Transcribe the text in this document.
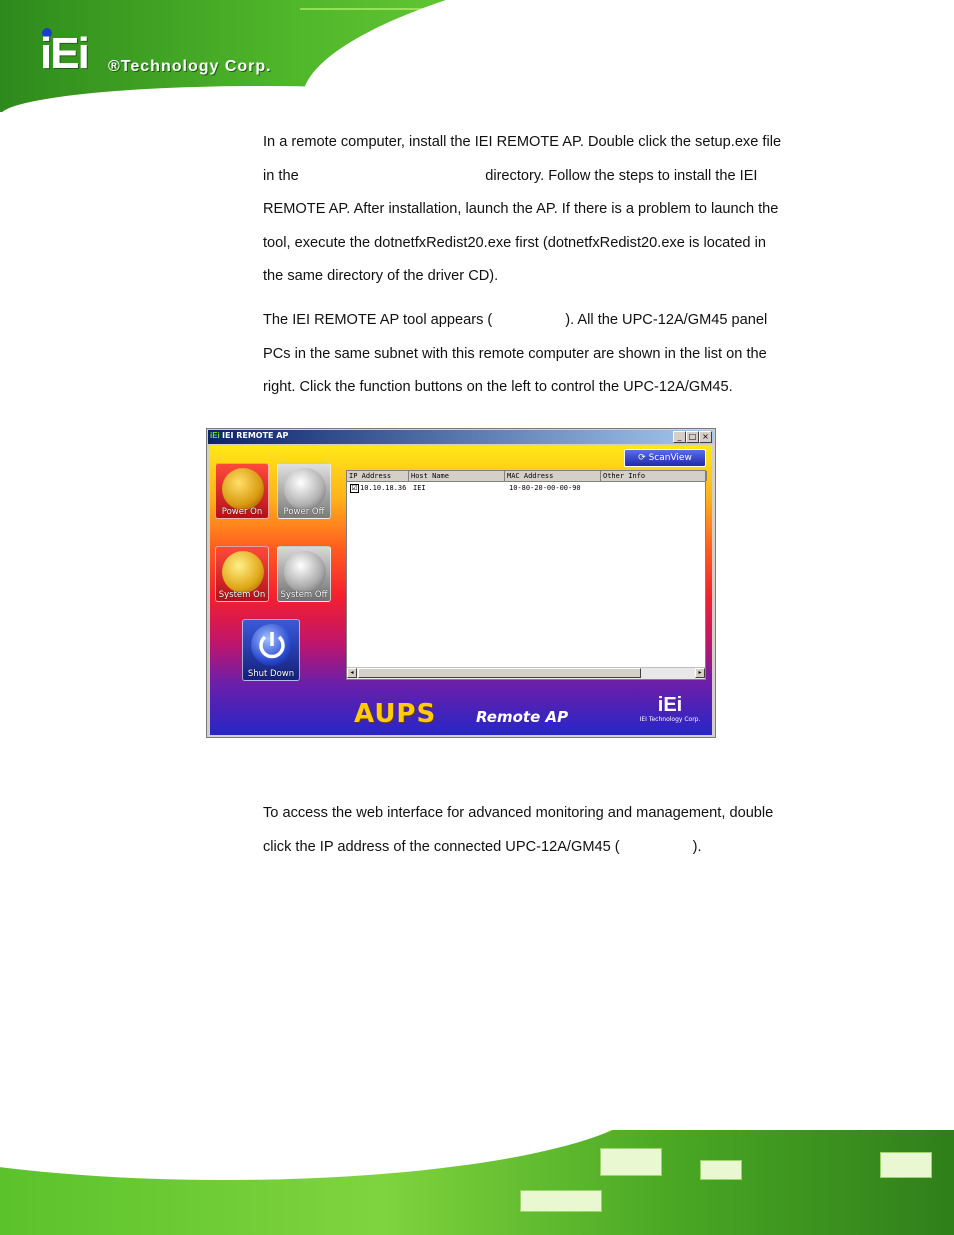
iEi ®Technology Corp.
In a remote computer, install the IEI REMOTE AP. Double click the setup.exe file
in the                                              directory. Follow the steps to install the IEI
REMOTE AP. After installation, launch the AP. If there is a problem to launch the
tool, execute the dotnetfxRedist20.exe first (dotnetfxRedist20.exe is located in
the same directory of the driver CD).
The IEI REMOTE AP tool appears (                  ). All the UPC-12A/GM45 panel
PCs in the same subnet with this remote computer are shown in the list on the
right. Click the function buttons on the left to control the UPC-12A/GM45.
iEi IEI REMOTE AP	_ □ ×
Power On	Power Off
System On	System Off
Shut Down
⟳ ScanView
IP Address	Host Name	MAC Address	Other Info
☑ 10.10.18.36 IEI	10-80-20-00-00-90
◂	▸
AUPS	Remote AP
iEi
IEI Technology Corp.
To access the web interface for advanced monitoring and management, double
click the IP address of the connected UPC-12A/GM45 (                  ).
